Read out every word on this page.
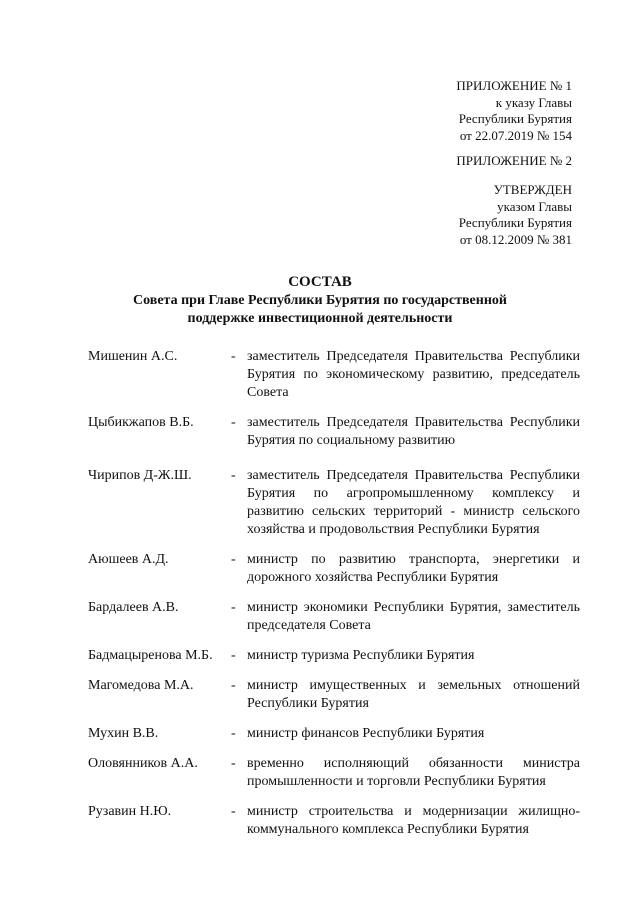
ПРИЛОЖЕНИЕ № 1
к указу Главы
Республики Бурятия
от 22.07.2019 № 154
ПРИЛОЖЕНИЕ № 2
УТВЕРЖДЕН
указом Главы
Республики Бурятия
от 08.12.2009 № 381
СОСТАВ
Совета при Главе Республики Бурятия по государственной
поддержке инвестиционной деятельности
Мишенин А.С.	- заместитель Председателя Правительства Республики Бурятия по экономическому развитию, председатель Совета
Цыбикжапов В.Б.	- заместитель Председателя Правительства Республики Бурятия по социальному развитию
Чирипов Д-Ж.Ш.	- заместитель Председателя Правительства Республики Бурятия по агропромышленному комплексу и развитию сельских территорий - министр сельского хозяйства и продовольствия Республики Бурятия
Аюшеев А.Д.	- министр по развитию транспорта, энергетики и дорожного хозяйства Республики Бурятия
Бардалеев А.В.	- министр экономики Республики Бурятия, заместитель председателя Совета
Бадмацыренова М.Б.	- министр туризма Республики Бурятия
Магомедова М.А.	- министр имущественных и земельных отношений Республики Бурятия
Мухин В.В.	- министр финансов Республики Бурятия
Оловянников А.А.	- временно исполняющий обязанности министра промышленности и торговли Республики Бурятия
Рузавин Н.Ю.	- министр строительства и модернизации жилищно-коммунального комплекса Республики Бурятия
